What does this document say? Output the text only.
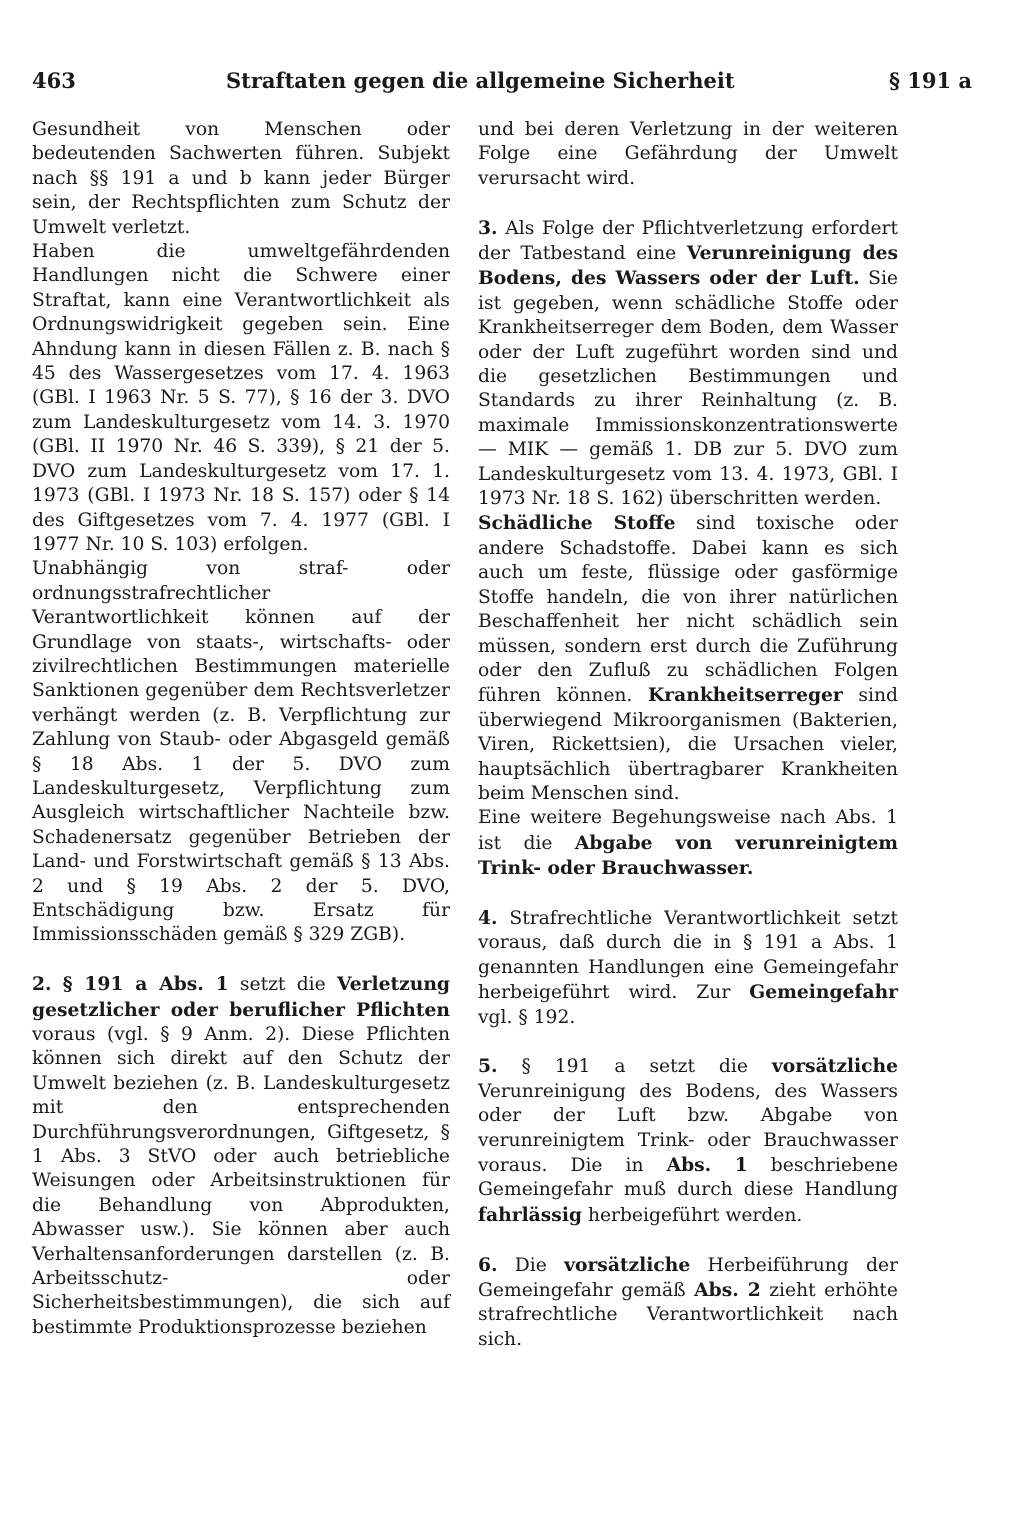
463	Straftaten gegen die allgemeine Sicherheit	§ 191 a

Gesundheit von Menschen oder bedeutenden Sachwerten führen. Subjekt nach §§ 191 a und b kann jeder Bürger sein, der Rechtspflichten zum Schutz der Umwelt verletzt.

Haben die umweltgefährdenden Handlungen nicht die Schwere einer Straftat, kann eine Verantwortlichkeit als Ordnungswidrigkeit gegeben sein. Eine Ahndung kann in diesen Fällen z. B. nach § 45 des Wassergesetzes vom 17. 4. 1963 (GBl. I 1963 Nr. 5 S. 77), § 16 der 3. DVO zum Landeskulturgesetz vom 14. 3. 1970 (GBl. II 1970 Nr. 46 S. 339), § 21 der 5. DVO zum Landeskulturgesetz vom 17. 1. 1973 (GBl. I 1973 Nr. 18 S. 157) oder § 14 des Giftgesetzes vom 7. 4. 1977 (GBl. I 1977 Nr. 10 S. 103) erfolgen.

Unabhängig von straf- oder ordnungsstrafrechtlicher Verantwortlichkeit können auf der Grundlage von staats-, wirtschafts- oder zivilrechtlichen Bestimmungen materielle Sanktionen gegenüber dem Rechtsverletzer verhängt werden (z. B. Verpflichtung zur Zahlung von Staub- oder Abgasgeld gemäß § 18 Abs. 1 der 5. DVO zum Landeskulturgesetz, Verpflichtung zum Ausgleich wirtschaftlicher Nachteile bzw. Schadenersatz gegenüber Betrieben der Land- und Forstwirtschaft gemäß § 13 Abs. 2 und § 19 Abs. 2 der 5. DVO, Entschädigung bzw. Ersatz für Immissionsschäden gemäß § 329 ZGB).

2. § 191 a Abs. 1 setzt die Verletzung gesetzlicher oder beruflicher Pflichten voraus (vgl. § 9 Anm. 2). Diese Pflichten können sich direkt auf den Schutz der Umwelt beziehen (z. B. Landeskulturgesetz mit den entsprechenden Durchführungsverordnungen, Giftgesetz, § 1 Abs. 3 StVO oder auch betriebliche Weisungen oder Arbeitsinstruktionen für die Behandlung von Abprodukten, Abwasser usw.). Sie können aber auch Verhaltensanforderungen darstellen (z. B. Arbeitsschutz- oder Sicherheitsbestimmungen), die sich auf bestimmte Produktionsprozesse beziehen

und bei deren Verletzung in der weiteren Folge eine Gefährdung der Umwelt verursacht wird.

3. Als Folge der Pflichtverletzung erfordert der Tatbestand eine Verunreinigung des Bodens, des Wassers oder der Luft. Sie ist gegeben, wenn schädliche Stoffe oder Krankheitserreger dem Boden, dem Wasser oder der Luft zugeführt worden sind und die gesetzlichen Bestimmungen und Standards zu ihrer Reinhaltung (z. B. maximale Immissionskonzentrationswerte — MIK — gemäß 1. DB zur 5. DVO zum Landeskulturgesetz vom 13. 4. 1973, GBl. I 1973 Nr. 18 S. 162) überschritten werden.

Schädliche Stoffe sind toxische oder andere Schadstoffe. Dabei kann es sich auch um feste, flüssige oder gasförmige Stoffe handeln, die von ihrer natürlichen Beschaffenheit her nicht schädlich sein müssen, sondern erst durch die Zuführung oder den Zufluß zu schädlichen Folgen führen können. Krankheitserreger sind überwiegend Mikroorganismen (Bakterien, Viren, Rickettsien), die Ursachen vieler, hauptsächlich übertragbarer Krankheiten beim Menschen sind.

Eine weitere Begehungsweise nach Abs. 1 ist die Abgabe von verunreinigtem Trink- oder Brauchwasser.

4. Strafrechtliche Verantwortlichkeit setzt voraus, daß durch die in § 191 a Abs. 1 genannten Handlungen eine Gemeingefahr herbeigeführt wird. Zur Gemeingefahr vgl. § 192.

5. § 191 a setzt die vorsätzliche Verunreinigung des Bodens, des Wassers oder der Luft bzw. Abgabe von verunreinigtem Trink- oder Brauchwasser voraus. Die in Abs. 1 beschriebene Gemeingefahr muß durch diese Handlung fahrlässig herbeigeführt werden.

6. Die vorsätzliche Herbeiführung der Gemeingefahr gemäß Abs. 2 zieht erhöhte strafrechtliche Verantwortlichkeit nach sich.
